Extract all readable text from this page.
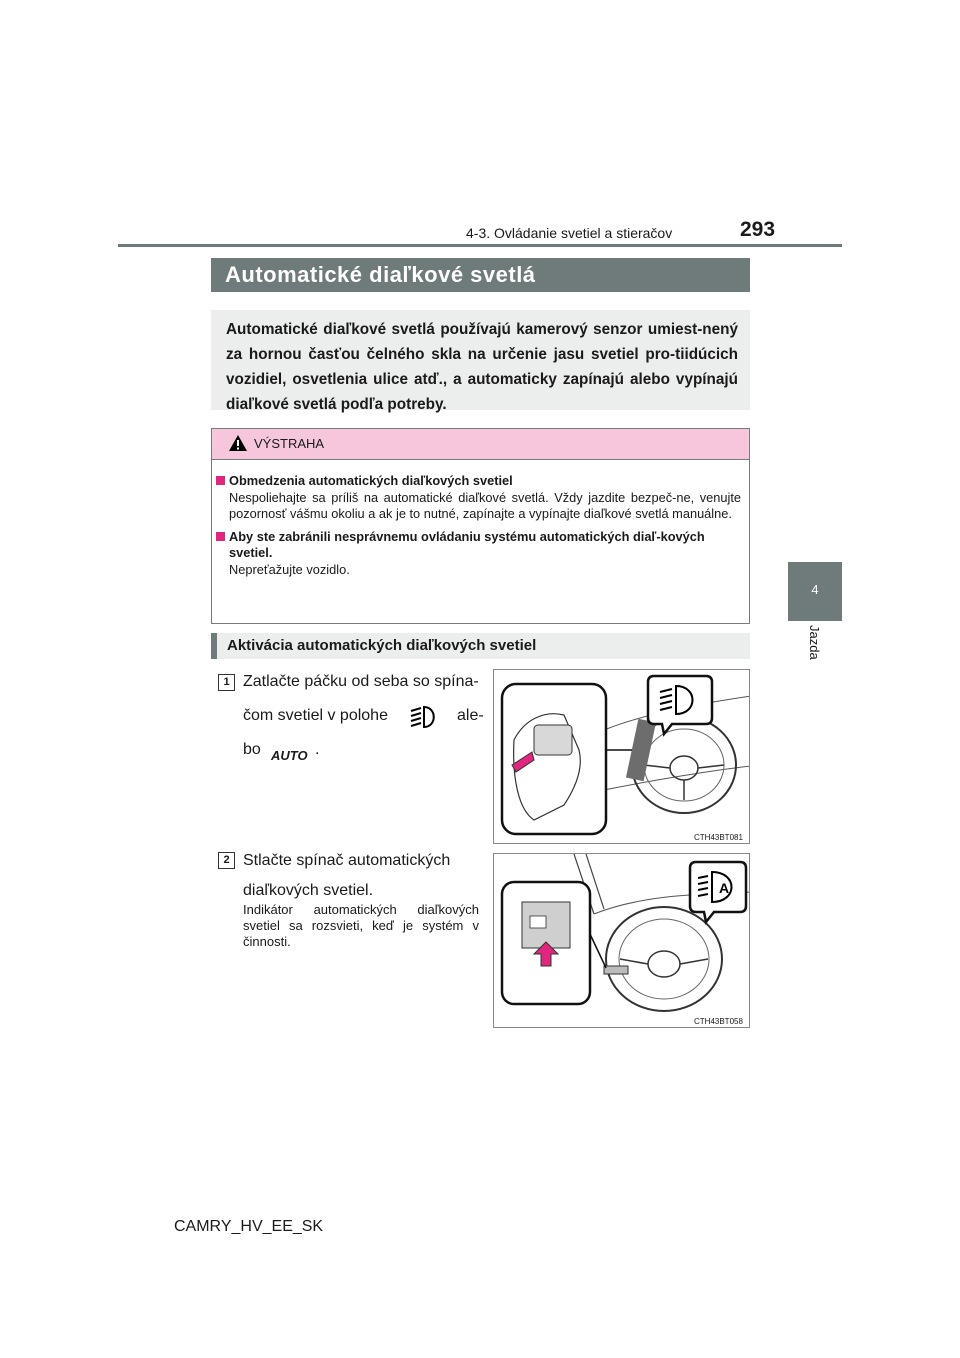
4-3. Ovládanie svetiel a stieračov	293
4
Jazda
Automatické diaľkové svetlá

Automatické diaľkové svetlá používajú kamerový senzor umiest-nený za hornou časťou čelného skla na určenie jasu svetiel pro-tiidúcich vozidiel, osvetlenia ulice atď., a automaticky zapínajú alebo vypínajú diaľkové svetlá podľa potreby.

VÝSTRAHA
Obmedzenia automatických diaľkových svetiel
Nespoliehajte sa príliš na automatické diaľkové svetlá. Vždy jazdite bezpeč-ne, venujte pozornosť vášmu okoliu a ak je to nutné, zapínajte a vypínajte diaľkové svetlá manuálne.
Aby ste zabránili nesprávnemu ovládaniu systému automatických diaľ-kových svetiel.
Nepreťažujte vozidlo.
Aktivácia automatických diaľkových svetiel
1 Zatlačte páčku od seba so spína-
čom svetiel v polohe	ale-
bo AUTO .
CTH43BT081
2 Stlačte spínač automatických
diaľkových svetiel.
Indikátor automatických diaľkových svetiel sa rozsvieti, keď je systém v činnosti.
A
CTH43BT058
CAMRY_HV_EE_SK
